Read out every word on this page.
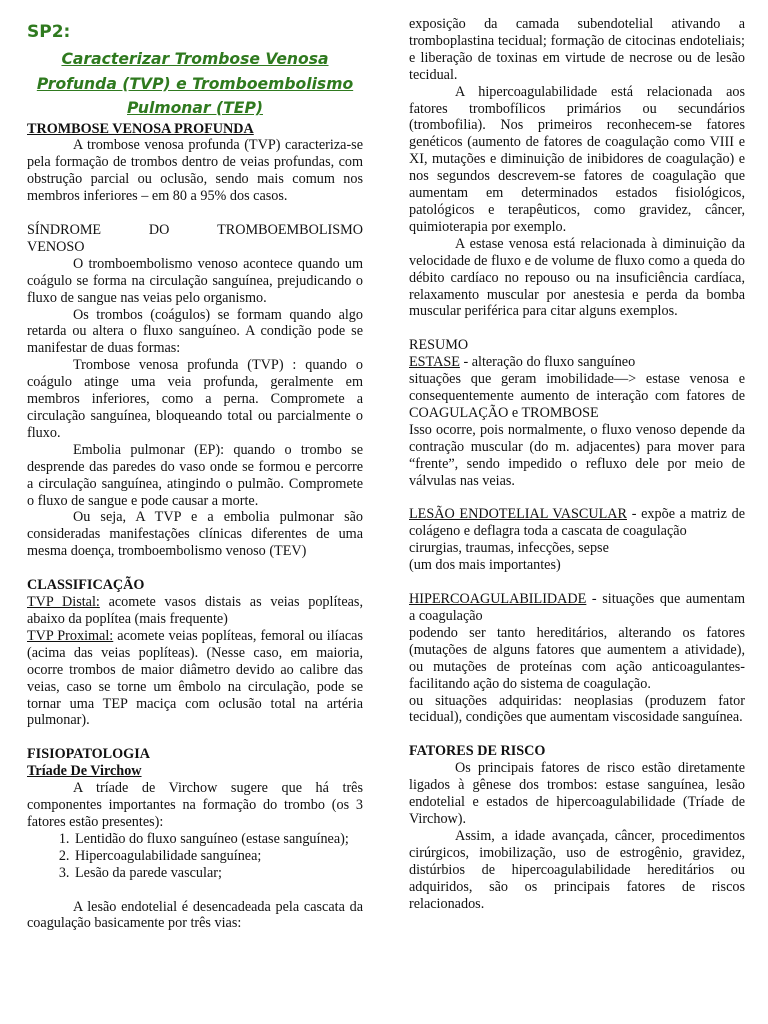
SP2:
Caracterizar Trombose Venosa
Profunda (TVP) e Tromboembolismo
Pulmonar (TEP)

TROMBOSE VENOSA PROFUNDA

A trombose venosa profunda (TVP) caracteriza-se pela formação de trombos dentro de veias profundas, com obstrução parcial ou oclusão, sendo mais comum nos membros inferiores – em 80 a 95% dos casos.

SÍNDROME	DO	TROMBOEMBOLISMO

VENOSO

O tromboembolismo venoso acontece quando um coágulo se forma na circulação sanguínea, prejudicando o fluxo de sangue nas veias pelo organismo.

Os trombos (coágulos) se formam quando algo retarda ou altera o fluxo sanguíneo. A condição pode se manifestar de duas formas:

Trombose venosa profunda (TVP) : quando o coágulo atinge uma veia profunda, geralmente em membros inferiores, como a perna. Compromete a circulação sanguínea, bloqueando total ou parcialmente o fluxo.

Embolia pulmonar (EP): quando o trombo se desprende das paredes do vaso onde se formou e percorre a circulação sanguínea, atingindo o pulmão. Compromete o fluxo de sangue e pode causar a morte.

Ou seja, A TVP e a embolia pulmonar são consideradas manifestações clínicas diferentes de uma mesma doença, tromboembolismo venoso (TEV)

CLASSIFICAÇÃO

TVP Distal: acomete vasos distais as veias poplíteas, abaixo da poplítea (mais frequente)

TVP Proximal: acomete veias poplíteas, femoral ou ilíacas (acima das veias poplíteas). (Nesse caso, em maioria, ocorre trombos de maior diâmetro devido ao calibre das veias, caso se torne um êmbolo na circulação, pode se tornar uma TEP maciça com oclusão total na artéria pulmonar).

FISIOPATOLOGIA

Tríade De Virchow

A tríade de Virchow sugere que há três componentes importantes na formação do trombo (os 3 fatores estão presentes):

1. Lentidão do fluxo sanguíneo (estase sanguínea);
2. Hipercoagulabilidade sanguínea;
3. Lesão da parede vascular;

A lesão endotelial é desencadeada pela cascata da coagulação basicamente por três vias:

exposição da camada subendotelial ativando a tromboplastina tecidual; formação de citocinas endoteliais; e liberação de toxinas em virtude de necrose ou de lesão tecidual.

A hipercoagulabilidade está relacionada aos fatores trombofílicos primários ou secundários (trombofilia). Nos primeiros reconhecem-se fatores genéticos (aumento de fatores de coagulação como VIII e XI, mutações e diminuição de inibidores de coagulação) e nos segundos descrevem-se fatores de coagulação que aumentam em determinados estados fisiológicos, patológicos e terapêuticos, como gravidez, câncer, quimioterapia por exemplo.

A estase venosa está relacionada à diminuição da velocidade de fluxo e de volume de fluxo como a queda do débito cardíaco no repouso ou na insuficiência cardíaca, relaxamento muscular por anestesia e perda da bomba muscular periférica para citar alguns exemplos.

RESUMO

ESTASE - alteração do fluxo sanguíneo

situações que geram imobilidade—> estase venosa e consequentemente aumento de interação com fatores de COAGULAÇÃO e TROMBOSE

Isso ocorre, pois normalmente, o fluxo venoso depende da contração muscular (do m. adjacentes) para mover para “frente”, sendo impedido o refluxo dele por meio de válvulas nas veias.

LESÃO ENDOTELIAL VASCULAR - expõe a matriz de colágeno e deflagra toda a cascata de coagulação

cirurgias, traumas, infecções, sepse

(um dos mais importantes)

HIPERCOAGULABILIDADE - situações que aumentam a coagulação

podendo ser tanto hereditários, alterando os fatores (mutações de alguns fatores que aumentem a atividade), ou mutações de proteínas com ação anticoagulantes- facilitando ação do sistema de coagulação.

ou situações adquiridas: neoplasias (produzem fator tecidual), condições que aumentam viscosidade sanguínea.

FATORES DE RISCO

Os principais fatores de risco estão diretamente ligados à gênese dos trombos: estase sanguínea, lesão endotelial e estados de hipercoagulabilidade (Tríade de Virchow).

Assim, a idade avançada, câncer, procedimentos cirúrgicos, imobilização, uso de estrogênio, gravidez, distúrbios de hipercoagulabilidade hereditários ou adquiridos, são os principais fatores de riscos relacionados.
